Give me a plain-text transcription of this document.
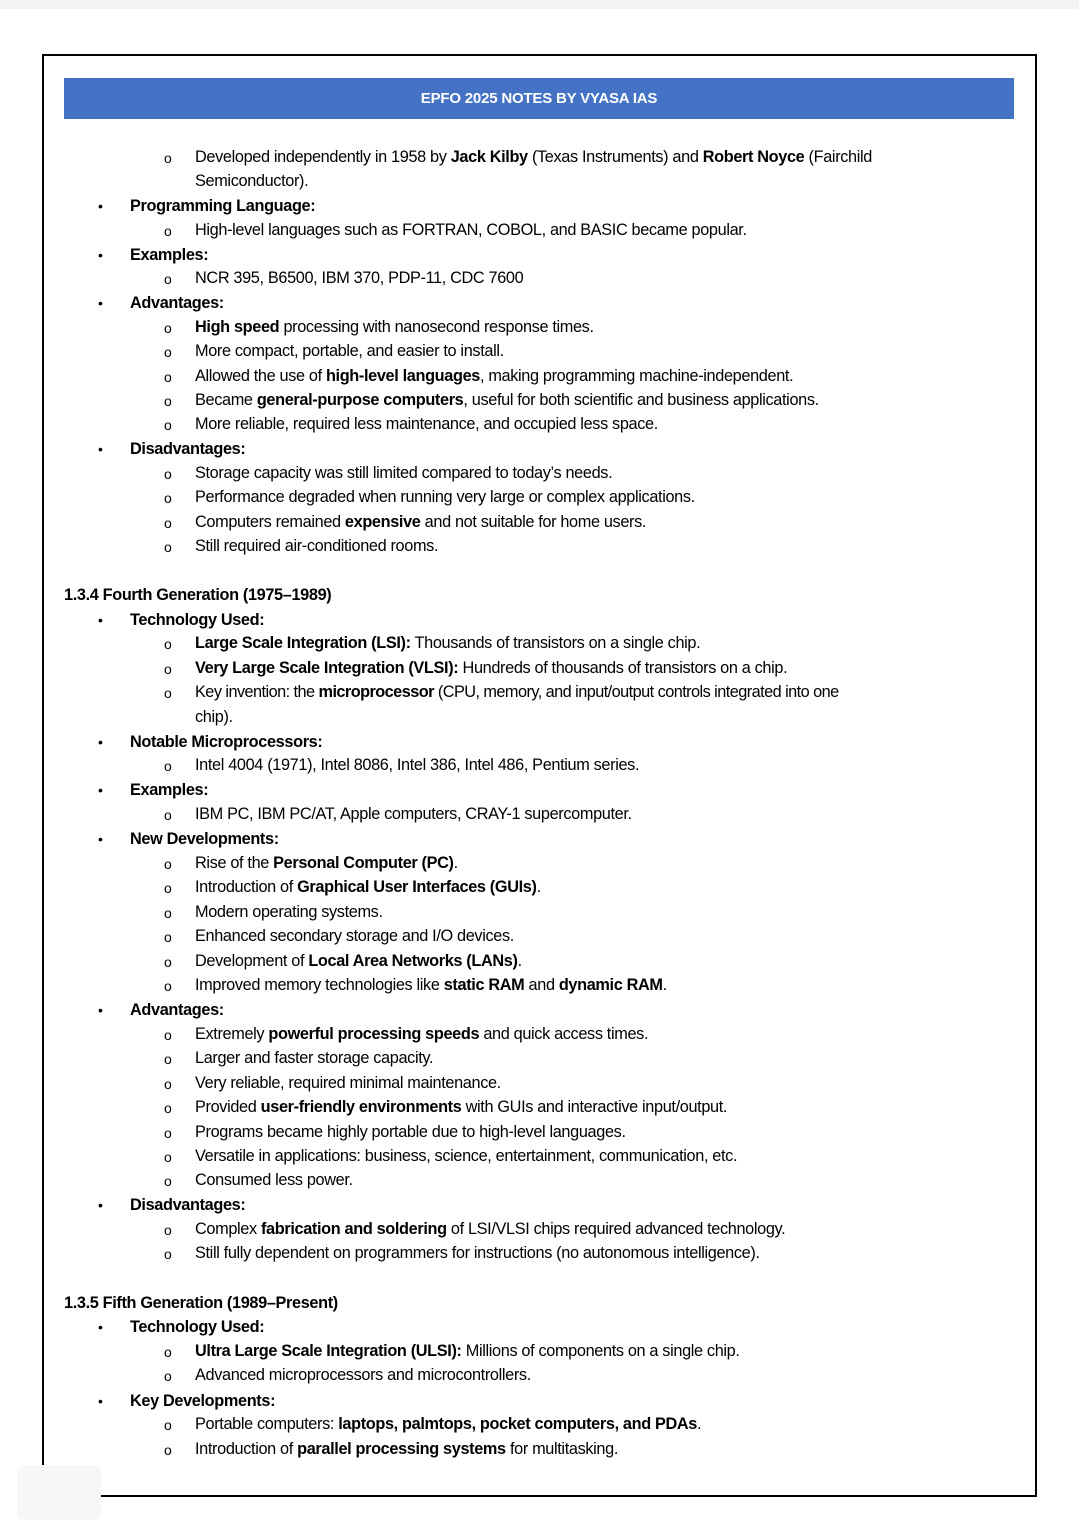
EPFO 2025 NOTES BY VYASA IAS
o Developed independently in 1958 by Jack Kilby (Texas Instruments) and Robert Noyce (Fairchild
Semiconductor).
• Programming Language:
o High-level languages such as FORTRAN, COBOL, and BASIC became popular.
• Examples:
o NCR 395, B6500, IBM 370, PDP-11, CDC 7600
• Advantages:
o High speed processing with nanosecond response times.
o More compact, portable, and easier to install.
o Allowed the use of high-level languages, making programming machine-independent.
o Became general-purpose computers, useful for both scientific and business applications.
o More reliable, required less maintenance, and occupied less space.
• Disadvantages:
o Storage capacity was still limited compared to today’s needs.
o Performance degraded when running very large or complex applications.
o Computers remained expensive and not suitable for home users.
o Still required air-conditioned rooms.
1.3.4 Fourth Generation (1975–1989)
• Technology Used:
o Large Scale Integration (LSI): Thousands of transistors on a single chip.
o Very Large Scale Integration (VLSI): Hundreds of thousands of transistors on a chip.
o Key invention: the microprocessor (CPU, memory, and input/output controls integrated into one
chip).
• Notable Microprocessors:
o Intel 4004 (1971), Intel 8086, Intel 386, Intel 486, Pentium series.
• Examples:
o IBM PC, IBM PC/AT, Apple computers, CRAY-1 supercomputer.
• New Developments:
o Rise of the Personal Computer (PC).
o Introduction of Graphical User Interfaces (GUIs).
o Modern operating systems.
o Enhanced secondary storage and I/O devices.
o Development of Local Area Networks (LANs).
o Improved memory technologies like static RAM and dynamic RAM.
• Advantages:
o Extremely powerful processing speeds and quick access times.
o Larger and faster storage capacity.
o Very reliable, required minimal maintenance.
o Provided user-friendly environments with GUIs and interactive input/output.
o Programs became highly portable due to high-level languages.
o Versatile in applications: business, science, entertainment, communication, etc.
o Consumed less power.
• Disadvantages:
o Complex fabrication and soldering of LSI/VLSI chips required advanced technology.
o Still fully dependent on programmers for instructions (no autonomous intelligence).
1.3.5 Fifth Generation (1989–Present)
• Technology Used:
o Ultra Large Scale Integration (ULSI): Millions of components on a single chip.
o Advanced microprocessors and microcontrollers.
• Key Developments:
o Portable computers: laptops, palmtops, pocket computers, and PDAs.
o Introduction of parallel processing systems for multitasking.
